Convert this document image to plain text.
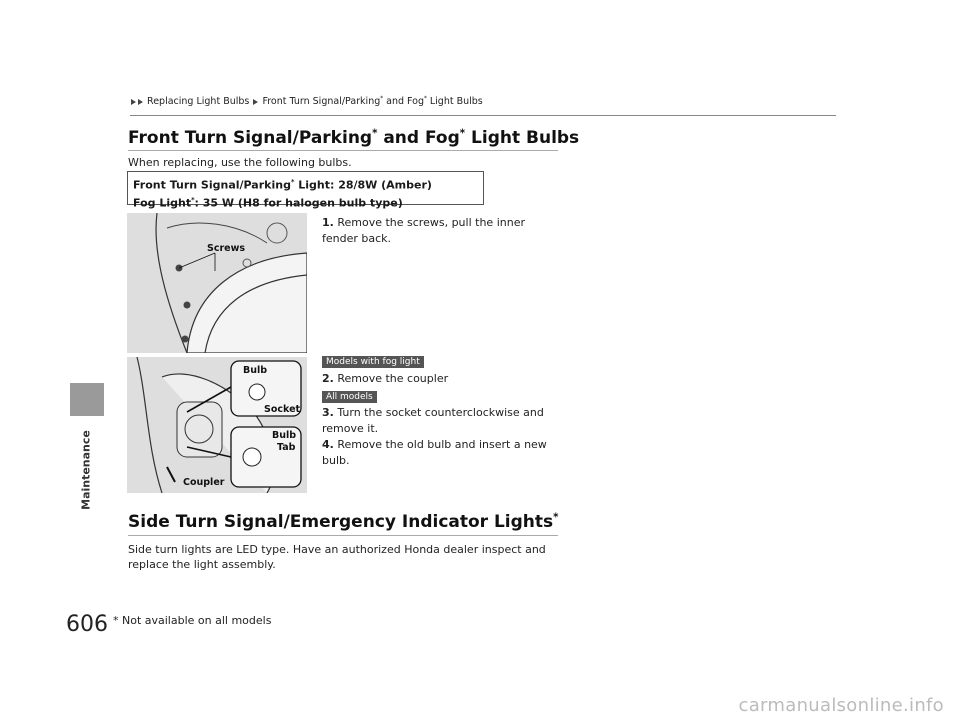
Maintenance
Replacing Light Bulbs Front Turn Signal/Parking* and Fog* Light Bulbs
Front Turn Signal/Parking* and Fog* Light Bulbs
When replacing, use the following bulbs.
Front Turn Signal/Parking* Light: 28/8W (Amber)
Fog Light*: 35 W (H8 for halogen bulb type)
Screws
1. Remove the screws, pull the inner fender back.
Models with fog light
Bulb
Socket
Bulb
Tab
Coupler
2. Remove the coupler
All models
3. Turn the socket counterclockwise and remove it.
4. Remove the old bulb and insert a new bulb.
Side Turn Signal/Emergency Indicator Lights*
Side turn lights are LED type. Have an authorized Honda dealer inspect and replace the light assembly.
606 * Not available on all models
carmanualsonline.info
